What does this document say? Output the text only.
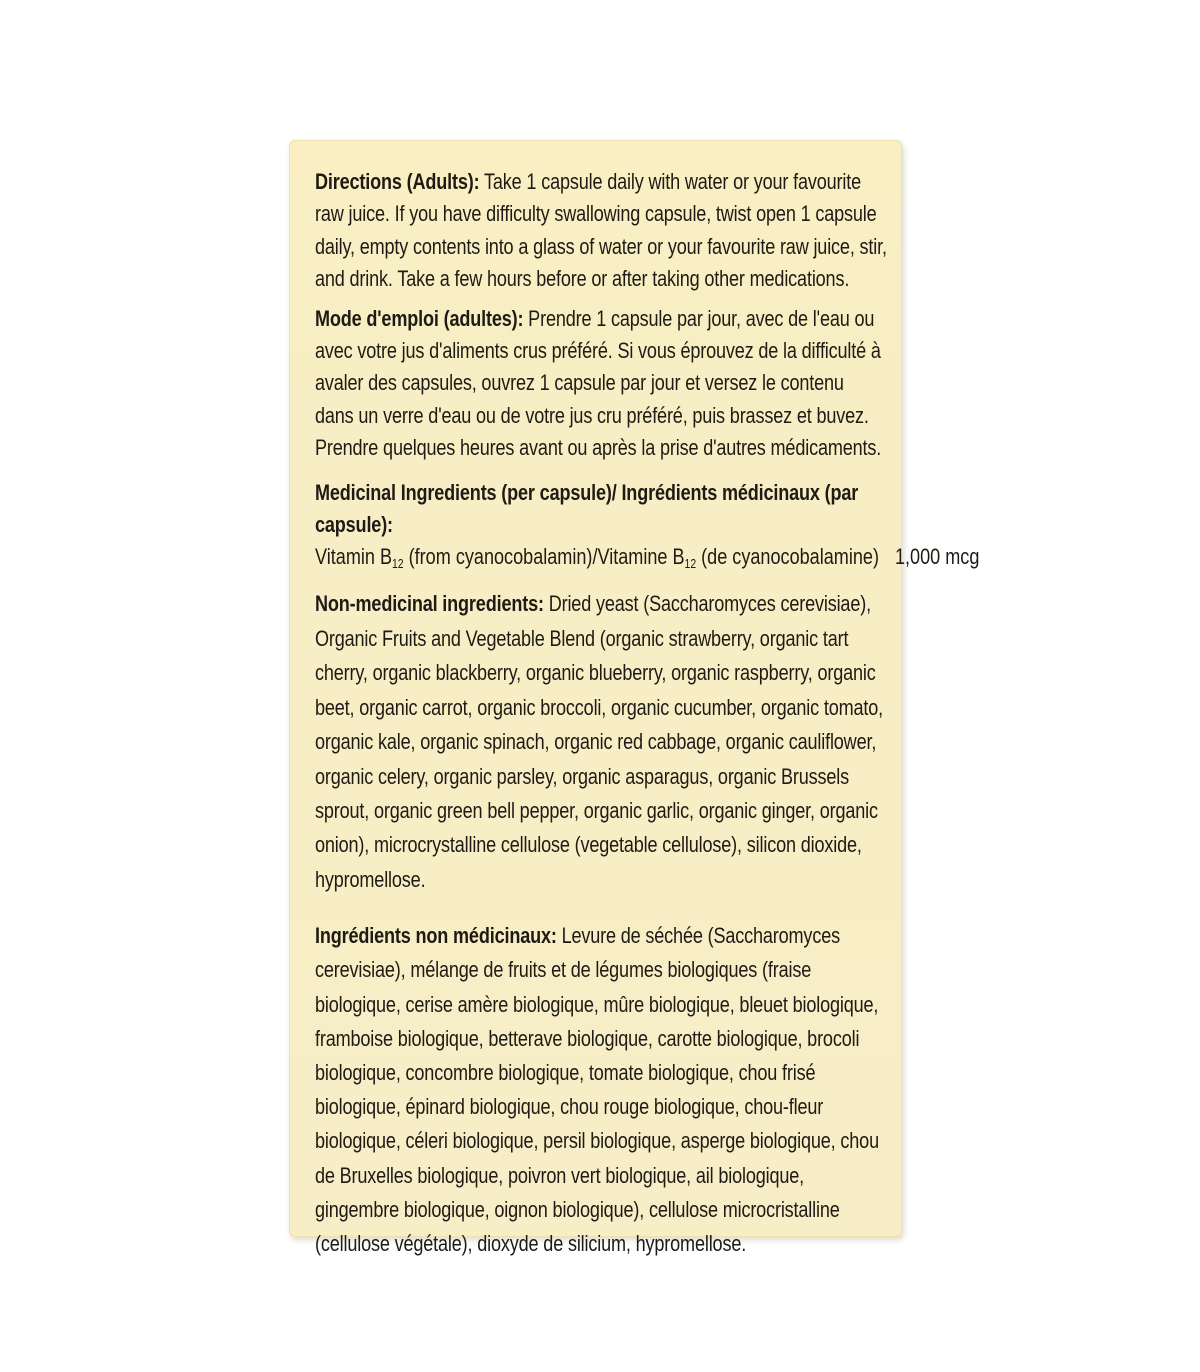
Directions (Adults): Take 1 capsule daily with water or your favourite raw juice. If you have difficulty swallowing capsule, twist open 1 capsule daily, empty contents into a glass of water or your favourite raw juice, stir, and drink. Take a few hours before or after taking other medications.

Mode d'emploi (adultes): Prendre 1 capsule par jour, avec de l'eau ou avec votre jus d'aliments crus préféré. Si vous éprouvez de la difficulté à avaler des capsules, ouvrez 1 capsule par jour et versez le contenu dans un verre d'eau ou de votre jus cru préféré, puis brassez et buvez. Prendre quelques heures avant ou après la prise d'autres médicaments.

Medicinal Ingredients (per capsule)/ Ingrédients médicinaux (par capsule):

Vitamin $B_{12}$ (from cyanocobalamin)/Vitamine $B_{12}$ (de cyanocobalamine) 1,000 mcg

Non-medicinal ingredients: Dried yeast (Saccharomyces cerevisiae), Organic Fruits and Vegetable Blend (organic strawberry, organic tart cherry, organic blackberry, organic blueberry, organic raspberry, organic beet, organic carrot, organic broccoli, organic cucumber, organic tomato, organic kale, organic spinach, organic red cabbage, organic cauliflower, organic celery, organic parsley, organic asparagus, organic Brussels sprout, organic green bell pepper, organic garlic, organic ginger, organic onion), microcrystalline cellulose (vegetable cellulose), silicon dioxide, hypromellose.

Ingrédients non médicinaux: Levure de séchée (Saccharomyces cerevisiae), mélange de fruits et de légumes biologiques (fraise biologique, cerise amère biologique, mûre biologique, bleuet biologique, framboise biologique, betterave biologique, carotte biologique, brocoli biologique, concombre biologique, tomate biologique, chou frisé biologique, épinard biologique, chou rouge biologique, chou-fleur biologique, céleri biologique, persil biologique, asperge biologique, chou de Bruxelles biologique, poivron vert biologique, ail biologique, gingembre biologique, oignon biologique), cellulose microcristalline (cellulose végétale), dioxyde de silicium, hypromellose.
